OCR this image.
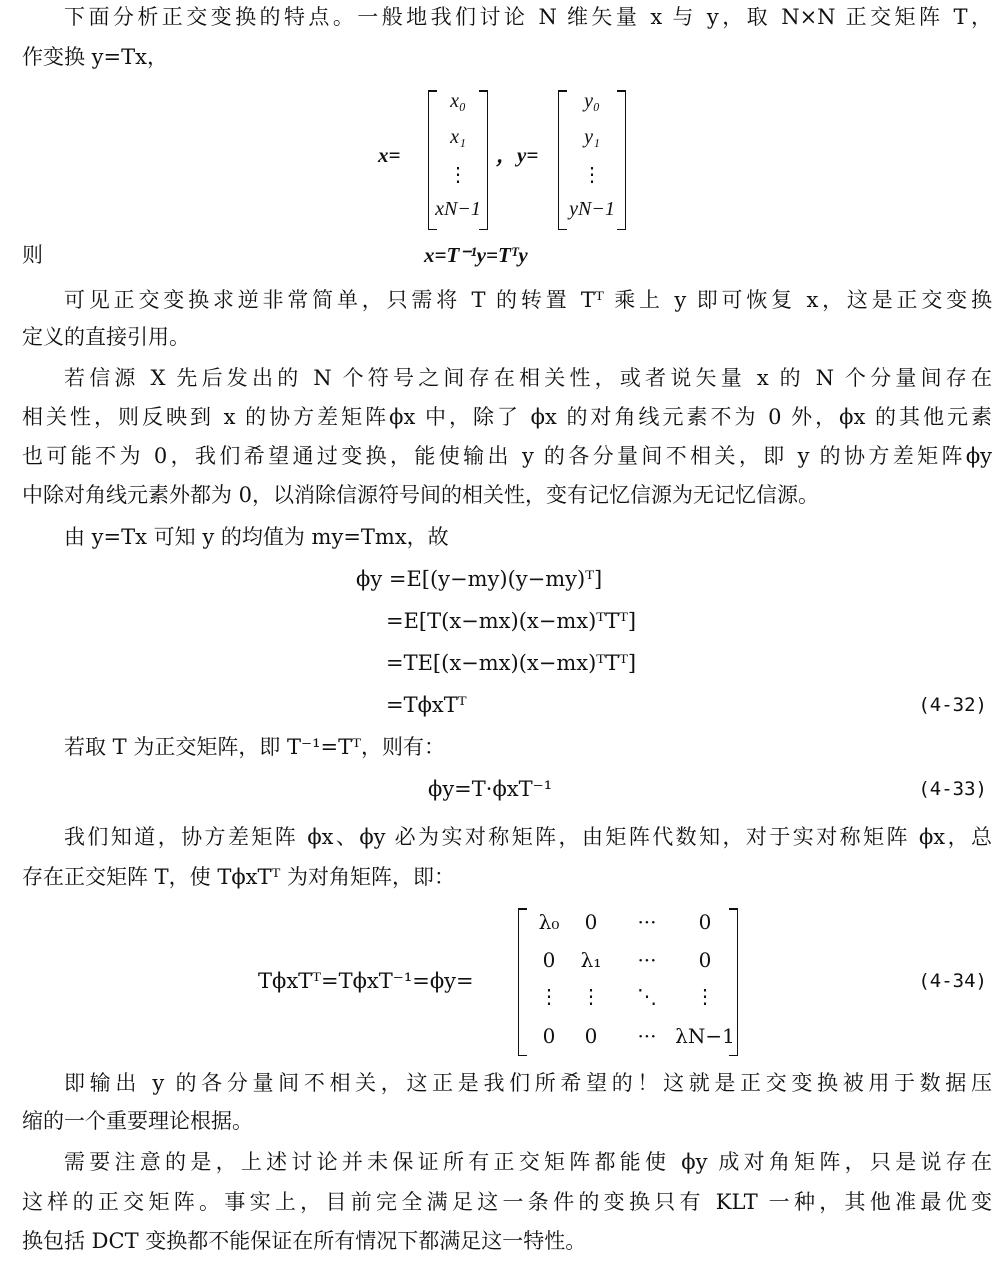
下面分析正交变换的特点。一般地我们讨论 N 维矢量 x 与 y，取 N×N 正交矩阵 T，
作变换 y=Tx，
x=
x₀
x₁
⋮
xN−1
，y=
y₀
y₁
⋮
yN−1
则	x=T⁻¹y=Tᵀy
可见正交变换求逆非常简单，只需将 T 的转置 Tᵀ 乘上 y 即可恢复 x，这是正交变换
定义的直接引用。
若信源 X 先后发出的 N 个符号之间存在相关性，或者说矢量 x 的 N 个分量间存在
相关性，则反映到 x 的协方差矩阵ϕx 中，除了 ϕx 的对角线元素不为 0 外，ϕx 的其他元素
也可能不为 0，我们希望通过变换，能使输出 y 的各分量间不相关，即 y 的协方差矩阵ϕy
中除对角线元素外都为 0，以消除信源符号间的相关性，变有记忆信源为无记忆信源。
由 y=Tx 可知 y 的均值为 my=Tmx，故
ϕy =E[(y−my)(y−my)ᵀ]
=E[T(x−mx)(x−mx)ᵀTᵀ]
=TE[(x−mx)(x−mx)ᵀTᵀ]
=TϕxTᵀ	(4-32)
若取 T 为正交矩阵，即 T⁻¹=Tᵀ，则有：
ϕy=T·ϕxT⁻¹	(4-33)
我们知道，协方差矩阵 ϕx、ϕy 必为实对称矩阵，由矩阵代数知，对于实对称矩阵 ϕx，总
存在正交矩阵 T，使 TϕxTᵀ 为对角矩阵，即：
TϕxTᵀ=TϕxT⁻¹=ϕy=
λ₀	0	···	0
0	λ₁	···	0
⋮	⋮	⋱	⋮
0	0	··· λN−1
(4-34)
即输出 y 的各分量间不相关，这正是我们所希望的！这就是正交变换被用于数据压
缩的一个重要理论根据。
需要注意的是，上述讨论并未保证所有正交矩阵都能使 ϕy 成对角矩阵，只是说存在
这样的正交矩阵。事实上，目前完全满足这一条件的变换只有 KLT 一种，其他准最优变
换包括 DCT 变换都不能保证在所有情况下都满足这一特性。
